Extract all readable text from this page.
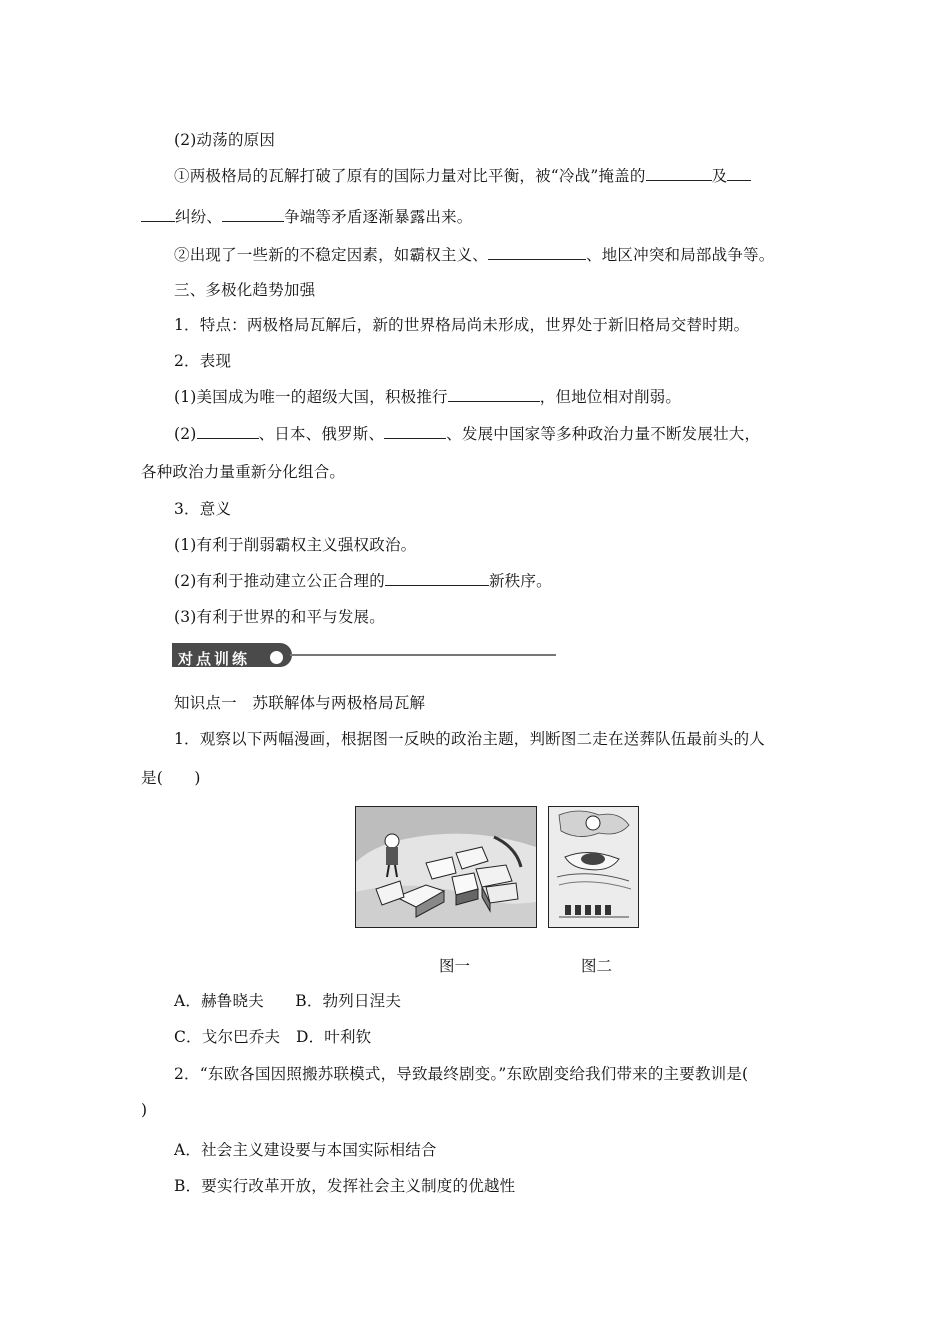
(2)动荡的原因
①两极格局的瓦解打破了原有的国际力量对比平衡，被“冷战”掩盖的	及
纠纷、	争端等矛盾逐渐暴露出来。
②出现了一些新的不稳定因素，如霸权主义、	、地区冲突和局部战争等。
三、多极化趋势加强
1．特点：两极格局瓦解后，新的世界格局尚未形成，世界处于新旧格局交替时期。
2．表现
(1)美国成为唯一的超级大国，积极推行	，但地位相对削弱。
(2)	、日本、俄罗斯、	、发展中国家等多种政治力量不断发展壮大，
各种政治力量重新分化组合。
3．意义
(1)有利于削弱霸权主义强权政治。
(2)有利于推动建立公正合理的	新秩序。
(3)有利于世界的和平与发展。
对点训练
知识点一　苏联解体与两极格局瓦解
1．观察以下两幅漫画，根据图一反映的政治主题，判断图二走在送葬队伍最前头的人
是(　　)
图一	图二
A．赫鲁晓夫　　B．勃列日涅夫
C．戈尔巴乔夫　D．叶利钦
2．“东欧各国因照搬苏联模式，导致最终剧变。”东欧剧变给我们带来的主要教训是(
)
A．社会主义建设要与本国实际相结合
B．要实行改革开放，发挥社会主义制度的优越性
